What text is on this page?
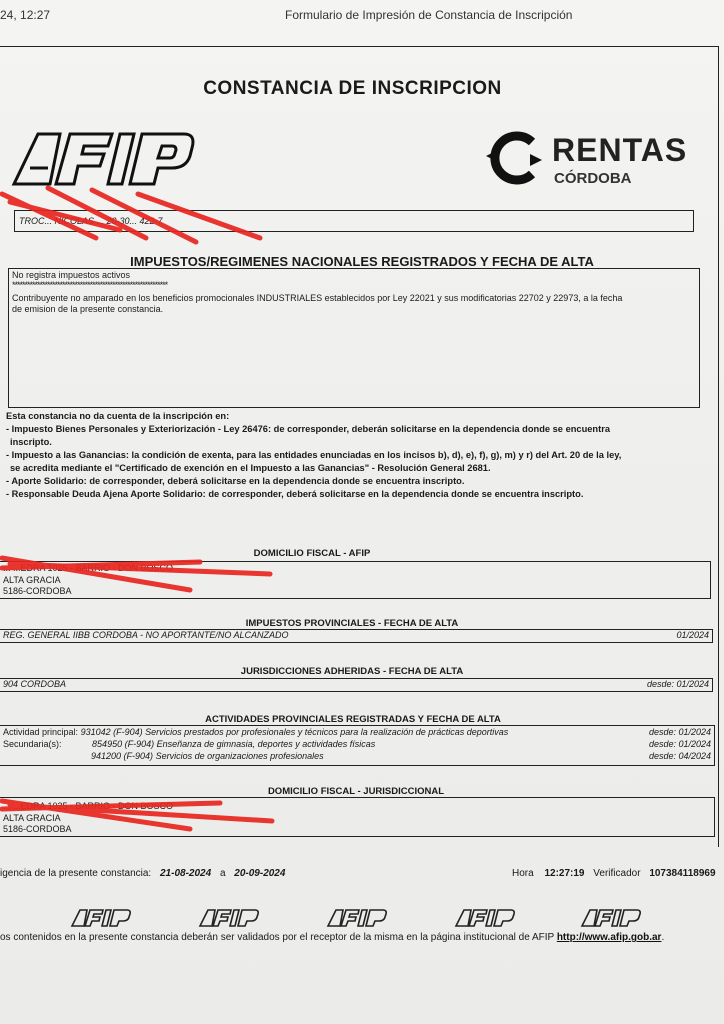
24, 12:27	Formulario de Impresión de Constancia de Inscripción
CONSTANCIA DE INSCRIPCION
RENTAS
CÓRDOBA
TROC... NICOLAS ... 20-30... 422-7
IMPUESTOS/REGIMENES NACIONALES REGISTRADOS Y FECHA DE ALTA
No registra impuestos activos
**************************************************************
Contribuyente no amparado en los beneficios promocionales INDUSTRIALES establecidos por Ley 22021 y sus modificatorias 22702 y 22973, a la fecha
de emision de la presente constancia.

Esta constancia no da cuenta de la inscripción en:

- Impuesto Bienes Personales y Exteriorización - Ley 26476: de corresponder, deberán solicitarse en la dependencia donde se encuentra

inscripto.

- Impuesto a las Ganancias: la condición de exenta, para las entidades enunciadas en los incisos b), d), e), f), g), m) y r) del Art. 20 de la ley,

se acredita mediante el "Certificado de exención en el Impuesto a las Ganancias" - Resolución General 2681.

- Aporte Solidario: de corresponder, deberá solicitarse en la dependencia donde se encuentra inscripto.

- Responsable Deuda Ajena Aporte Solidario: de corresponder, deberá solicitarse en la dependencia donde se encuentra inscripto.

DOMICILIO FISCAL - AFIP
... ...EDRA 1025 - BARRIO - DON BOSCO
ALTA GRACIA
5186-CORDOBA
IMPUESTOS PROVINCIALES - FECHA DE ALTA
REG. GENERAL IIBB CORDOBA - NO APORTANTE/NO ALCANZADO	01/2024
JURISDICCIONES ADHERIDAS - FECHA DE ALTA
904 CORDOBA	desde: 01/2024
ACTIVIDADES PROVINCIALES REGISTRADAS Y FECHA DE ALTA
Actividad principal: 931042 (F-904) Servicios prestados por profesionales y técnicos para la realización de prácticas deportivas	desde: 01/2024
Secundaria(s):	854950 (F-904) Enseñanza de gimnasia, deportes y actividades físicas	desde: 01/2024
941200 (F-904) Servicios de organizaciones profesionales	desde: 04/2024
DOMICILIO FISCAL - JURISDICCIONAL
... ...EDRA 1025 - BARRIO - DON BOSCO
ALTA GRACIA
5186-CORDOBA
igencia de la presente constancia: 21-08-2024 a 20-09-2024	Hora 12:27:19 Verificador 107384118969
os contenidos en la presente constancia deberán ser validados por el receptor de la misma en la página institucional de AFIP http://www.afip.gob.ar.
